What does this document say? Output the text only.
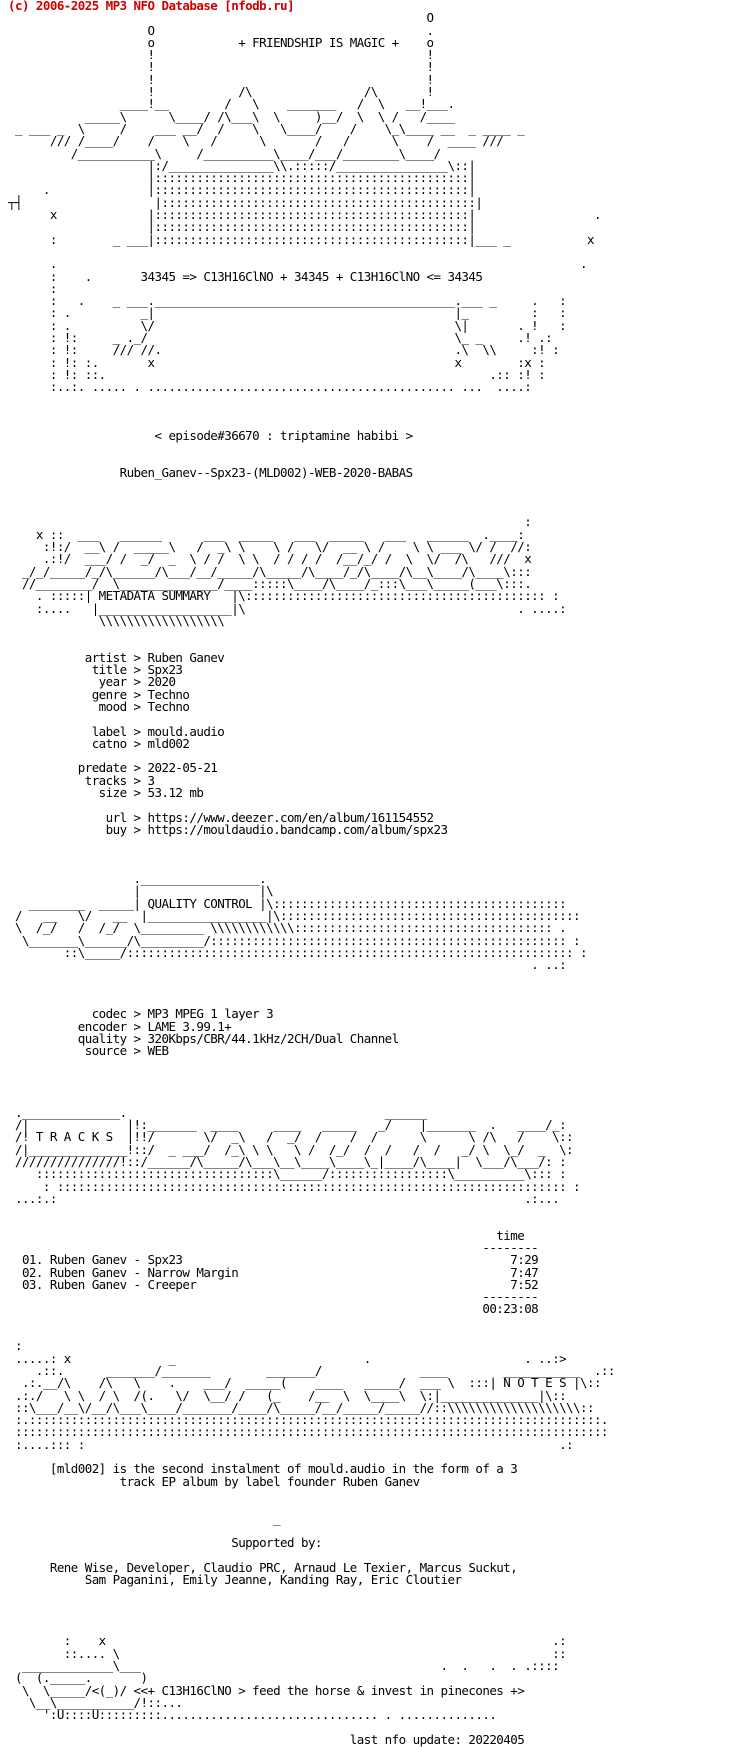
(c) 2006-2025 MP3 NFO Database [nfodb.ru]
O
O                                       .
o            + FRIENDSHIP IS MAGIC +    o
!                                       !
!                                       !
!                                       !
!            /\                /\       !
____!__        /   \    _______   /  \   __!___.
_____\      \____/ /\___\  \     )__/  \  \ /   /____
_ ___ _  \     /    ___ __/  /    \   \____/    /    \_\____ __  _ ____ _
/// /____/    /    \   /      \       /   /      \    /  ____ ///
/___________\     /__________\____/___/________\____/
|:/_______________\\.:::::/________________\::|
|:::::::::::::::::::::::::::::::::::::::::::::|
.              |:::::::::::::::::::::::::::::::::::::::::::::|
┬┤                   |:::::::::::::::::::::::::::::::::::::::::::::|
x             |:::::::::::::::::::::::::::::::::::::::::::::|                 .
|:::::::::::::::::::::::::::::::::::::::::::::|
:        _ ___|:::::::::::::::::::::::::::::::::::::::::::::|___ _           x

.                                                                           .
:    .       34345 => C13H16ClNO + 34345 + C13H16ClNO <= 34345
:
:   .    _ ___.___________________________________________.___ _     .   :
: .          _|                                           |_         :   :
: .          \/                                           \|       . !   :
: !:     _ ._/                                            \_ _     .! .:
: !:     /// //.                                          .\  \\     :! :
: !: :.       x                                           x        :x :
: !: ::.                                                       .:: :! :
:..:. ..... . ............................................ ...  ....:

< episode#36670 : triptamine habibi >

Ruben_Ganev--Spx23-(MLD002)-WEB-2020-BABAS

:
x ::  ___   ______      ___  _____   ___  _____   ___   ______  .____:
:!:/  __\ /  _____\   /  _\ \    \ /   \/  __ \ /    \ \ ___ \/ /  //:
.:!/  ___/ /  _/  _  \ / /  \ \  / / / /  /__/_/ /  \  \/  /\   ///  x
_/_/_____/_/\______/\___/__/_____/\_____/\____/_/\____/\__\____/\____\:::
//________/  \______________/____:::::\____/\____/_:::\___\_____(___\:::.
. :::::| METADATA SUMMARY   |\::::::::::::::::::::::::::::::::::::::::::: :
:....   |___________________|\                                       . ....:
\\\\\\\\\\\\\\\\\\

artist > Ruben Ganev
title > Spx23
year > 2020
genre > Techno
mood > Techno

label > mould.audio
catno > mld002

predate > 2022-05-21
tracks > 3
size > 53.12 mb

url > https://www.deezer.com/en/album/161154552
buy > https://mouldaudio.bandcamp.com/album/spx23

._________________.
|                 |\
________  _____| QUALITY CONTROL |\::::::::::::::::::::::::::::::::::::::::::
/   __   \/   __  |_________________|\:::::::::::::::::::::::::::::::::::::::::::
\  /_/   /  /_/  \_________ \\\\\\\\\\\\::::::::::::::::::::::::::::::::::::: .
\_______\______/\_________/::::::::::::::::::::::::::::::::::::::::::::::::::: :
::\_____/:::::::::::::::::::::::::::::::::::::::::::::::::::::::::::::::: :
. ..:

codec > MP3 MPEG 1 layer 3
encoder > LAME 3.99.1+
quality > 320Kbps/CBR/44.1kHz/2CH/Dual Channel
source > WEB

.______________.                                     ______
/|              |!:_______  ____     ____   _____   _/    |_______  .   ____/_:
/! T R A C K S  |!!/       \/  _\   /  _/  /    /  /      \      \ /\   /    \::
/|______________!::/  _ ___/  /_\ \ \   \ /  /_/  /  /   /  /   _/ \  \_/  _  \:
///////////////!::/______/\_____/\___\__\____\____\_|____/\____|  \___/\___/: :
::::::::::::::::::::::::::::::::::\______/:::::::::::::::::\__________\::: :
: ::::::::::::::::::::::::::::::::::::::::::::::::::::::::::::::::::::::::: :
...:.:                                                                   .:...

time
--------
01. Ruben Ganev - Spx23                                               7:29
02. Ruben Ganev - Narrow Margin                                       7:47
03. Ruben Ganev - Creeper                                             7:52
--------
00:23:08

:
.....: x              _                           .                      . ..:>
.::.      _______/_______        _______/              ____        ___________  .::
.:.__/\    /\   \    .    ___/  _____(    ____   _____/  ___ \  :::| N O T E S |\::
.:./   \ \  / \  /(.   \/  \__/ /   (_    /__  \  \____\  \:|______________|\::
::\___/__\/__/\___\____/_______/____/\_____/__/_____/_____//::\\\\\\\\\\\\\\\\\\\::
:.::::::::::::::::::::::::::::::::::::::::::::::::::::::::::::::::::::::::::::::::::.
:::::::::::::::::::::::::::::::::::::::::::::::::::::::::::::::::::::::::::::::::::::
:....::: :                                                                    .:

[mld002] is the second instalment of mould.audio in the form of a 3
track EP album by label founder Ruben Ganev

_

Supported by:

Rene Wise, Developer, Claudio PRC, Arnaud Le Texier, Marcus Suckut,
Sam Paganini, Emily Jeanne, Kanding Ray, Eric Cloutier

:    x                                                                .:
::.... \                                                              ::
_____________\___                                           .  .   .  . .::::
(  (._____.       )
\  \_____/<(_)/ <<+ C13H16ClNO > feed the horse & invest in pinecones +>
\__\___________/!::...
':U::::U:::::::::............................... . ..............

last nfo update: 20220405
